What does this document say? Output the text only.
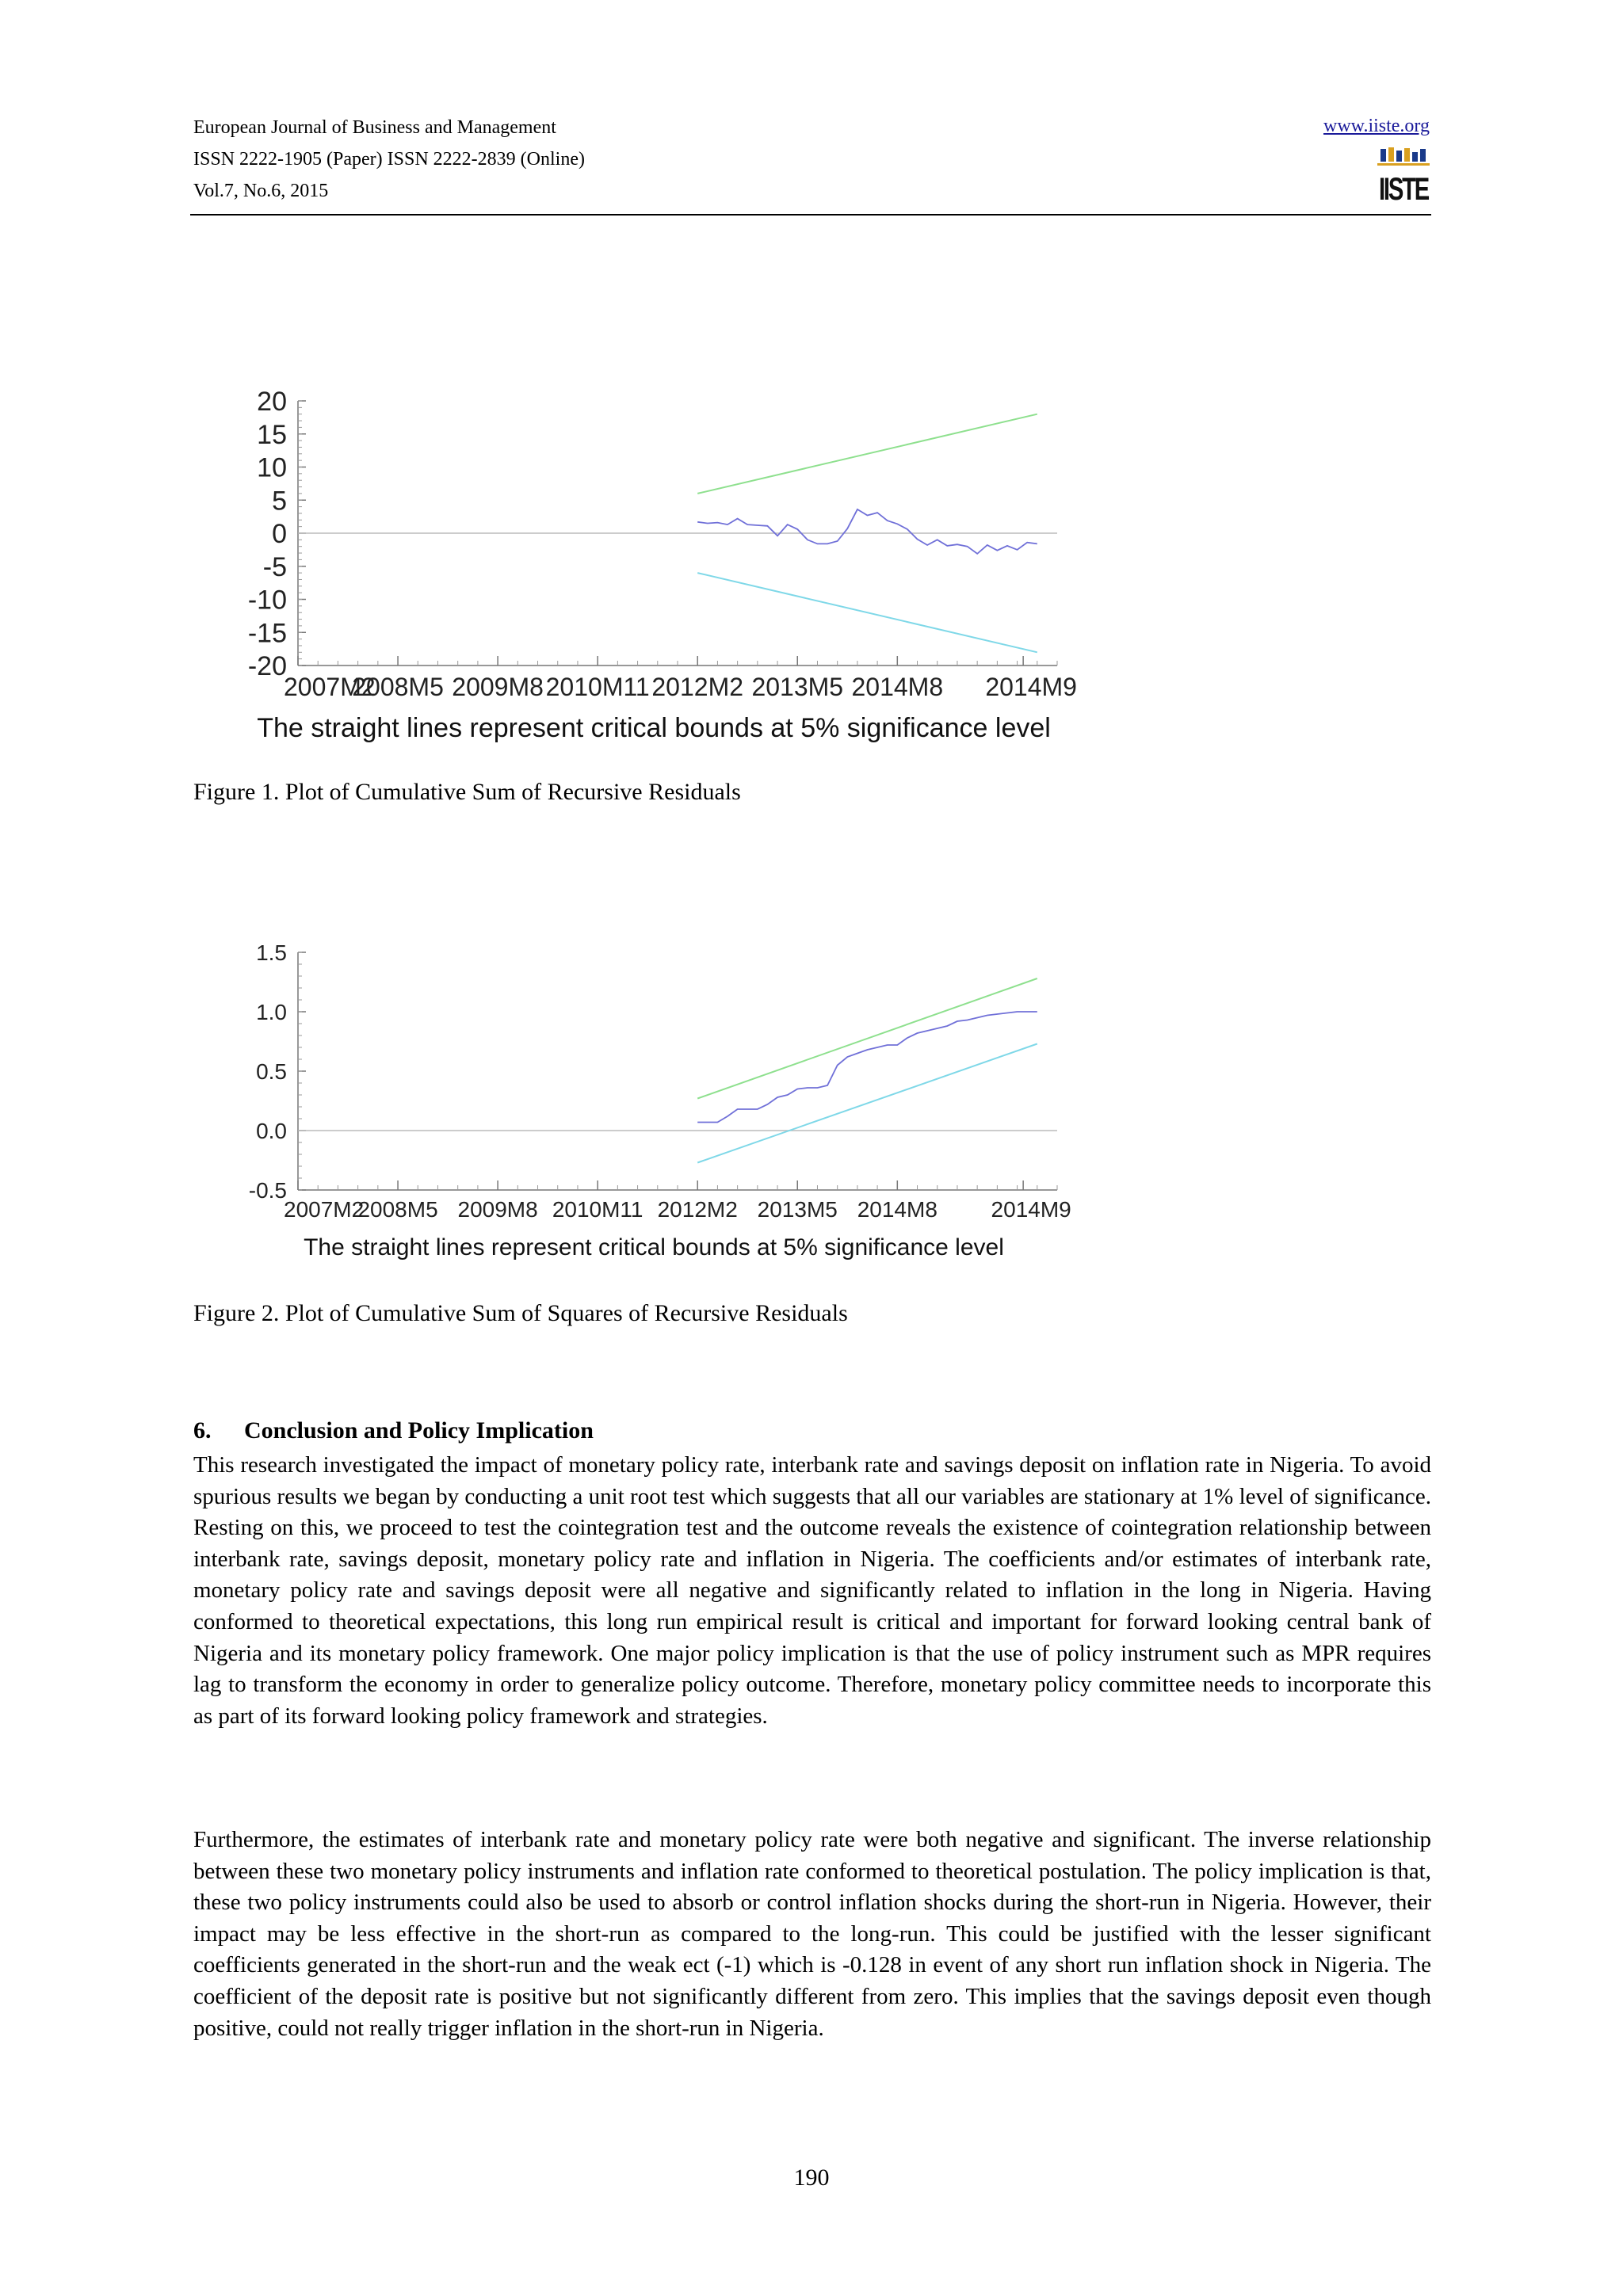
European Journal of Business and Management
ISSN 2222-1905 (Paper) ISSN 2222-2839 (Online)
Vol.7, No.6, 2015
www.iiste.org
IISTE
20
15
10
5
0
-5
-10
-15
-20
2007M2
2008M5 2009M8 2010M11 2012M2 2013M5 2014M8 2014M9
The straight lines represent critical bounds at 5% significance level
Figure 1. Plot of Cumulative Sum of Recursive Residuals
1.5
1.0
0.5
0.0
-0.5
2007M2
2008M5 2009M8 2010M11 2012M2 2013M5 2014M8 2014M9
The straight lines represent critical bounds at 5% significance level
Figure 2. Plot of Cumulative Sum of Squares of Recursive Residuals
6. Conclusion and Policy Implication

This research investigated the impact of monetary policy rate, interbank rate and savings deposit on inflation rate in Nigeria. To avoid spurious results we began by conducting a unit root test which suggests that all our variables are stationary at 1% level of significance. Resting on this, we proceed to test the cointegration test and the outcome reveals the existence of cointegration relationship between interbank rate, savings deposit, monetary policy rate and inflation in Nigeria. The coefficients and/or estimates of interbank rate, monetary policy rate and savings deposit were all negative and significantly related to inflation in the long in Nigeria. Having conformed to theoretical expectations, this long run empirical result is critical and important for forward looking central bank of Nigeria and its monetary policy framework. One major policy implication is that the use of policy instrument such as MPR requires lag to transform the economy in order to generalize policy outcome. Therefore, monetary policy committee needs to incorporate this as part of its forward looking policy framework and strategies.

Furthermore, the estimates of interbank rate and monetary policy rate were both negative and significant. The inverse relationship between these two monetary policy instruments and inflation rate conformed to theoretical postulation. The policy implication is that, these two policy instruments could also be used to absorb or control inflation shocks during the short-run in Nigeria. However, their impact may be less effective in the short-run as compared to the long-run. This could be justified with the lesser significant coefficients generated in the short-run and the weak ect (-1) which is -0.128 in event of any short run inflation shock in Nigeria. The coefficient of the deposit rate is positive but not significantly different from zero. This implies that the savings deposit even though positive, could not really trigger inflation in the short-run in Nigeria.

190
